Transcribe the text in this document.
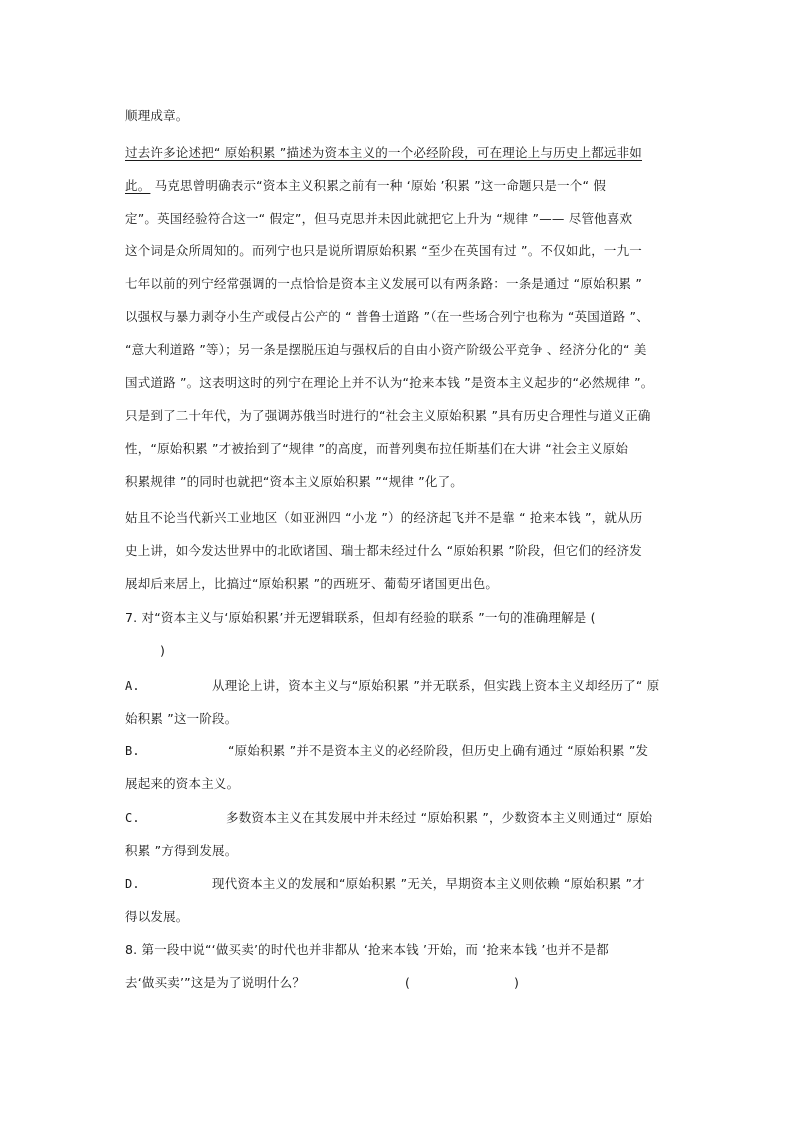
顺理成章。
过去许多论述把“ 原始积累 ”描述为资本主义的一个必经阶段，可在理论上与历史上都远非如
此。 马克思曾明确表示“资本主义积累之前有一种 ‘原始 ’积累 ”这一命题只是一个“ 假
定”。英国经验符合这一“ 假定”，但马克思并未因此就把它上升为 “规律 ”—— 尽管他喜欢
这个词是众所周知的。而列宁也只是说所谓原始积累 “至少在英国有过 ”。不仅如此，一九一
七年以前的列宁经常强调的一点恰恰是资本主义发展可以有两条路：一条是通过 “原始积累 ”
以强权与暴力剥夺小生产或侵占公产的 “ 普鲁士道路 ”（在一些场合列宁也称为 “英国道路 ”、
“意大利道路 ”等）；另一条是摆脱压迫与强权后的自由小资产阶级公平竞争 、经济分化的“ 美
国式道路 ”。这表明这时的列宁在理论上并不认为“抢来本钱 ”是资本主义起步的“必然规律 ”。
只是到了二十年代，为了强调苏俄当时进行的“社会主义原始积累 ”具有历史合理性与道义正确
性，“原始积累 ”才被抬到了“规律 ”的高度，而普列奥布拉任斯基们在大讲 “社会主义原始
积累规律 ”的同时也就把“资本主义原始积累 ”“规律 ”化了。
姑且不论当代新兴工业地区（如亚洲四 “小龙 ”）的经济起飞并不是靠 “ 抢来本钱 ”，就从历
史上讲，如今发达世界中的北欧诸国、瑞士都未经过什么 “原始积累 ”阶段，但它们的经济发
展却后来居上，比搞过“原始积累 ”的西班牙、葡萄牙诸国更出色。
7. 对“资本主义与‘原始积累’并无逻辑联系，但却有经验的联系 ”一句的准确理解是 (
)
A.	从理论上讲，资本主义与“原始积累 ”并无联系，但实践上资本主义却经历了“ 原
始积累 ”这一阶段。
B.	“原始积累 ”并不是资本主义的必经阶段，但历史上确有通过 “原始积累 ”发
展起来的资本主义。
C.	多数资本主义在其发展中并未经过 “原始积累 ”，少数资本主义则通过“ 原始
积累 ”方得到发展。
D.	现代资本主义的发展和“原始积累 ”无关，早期资本主义则依赖 “原始积累 ”才
得以发展。
8. 第一段中说“‘做买卖’的时代也并非都从 ‘抢来本钱 ’开始，而 ‘抢来本钱 ’也并不是都
去‘做买卖’”这是为了说明什么？	(	)
